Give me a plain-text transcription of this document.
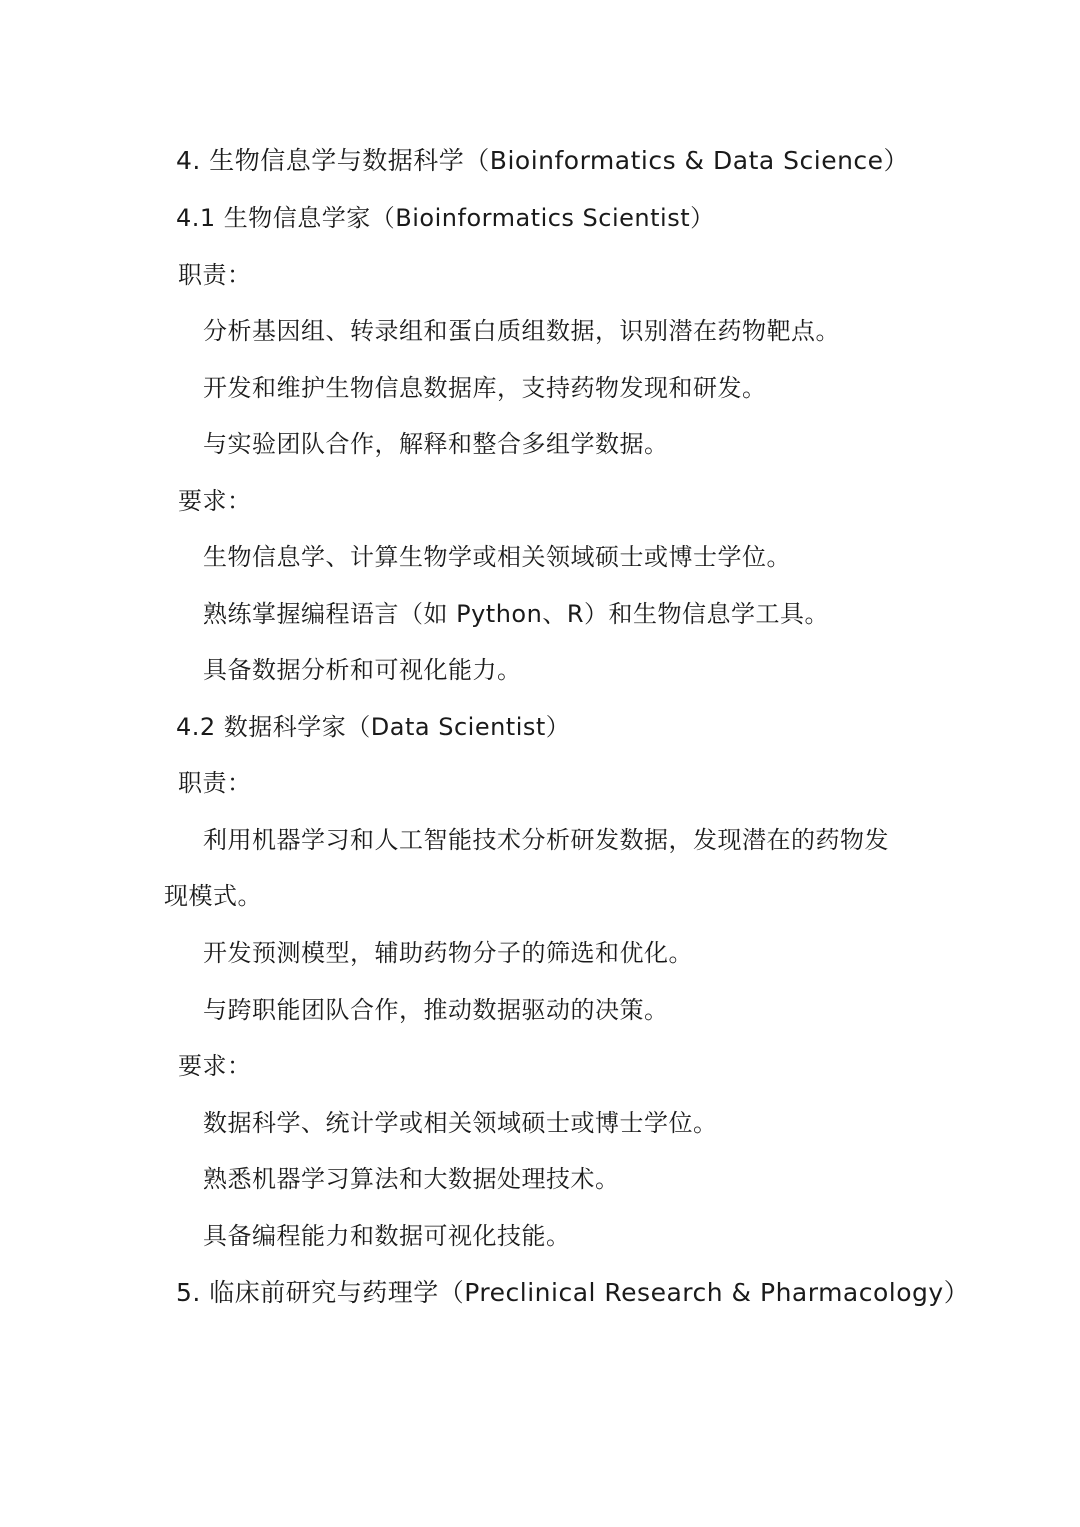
4. 生物信息学与数据科学（Bioinformatics & Data Science）
4.1 生物信息学家（Bioinformatics Scientist）
职责：
分析基因组、转录组和蛋白质组数据，识别潜在药物靶点。
开发和维护生物信息数据库，支持药物发现和研发。
与实验团队合作，解释和整合多组学数据。
要求：
生物信息学、计算生物学或相关领域硕士或博士学位。
熟练掌握编程语言（如 Python、R）和生物信息学工具。
具备数据分析和可视化能力。
4.2 数据科学家（Data Scientist）
职责：
利用机器学习和人工智能技术分析研发数据，发现潜在的药物发
现模式。
开发预测模型，辅助药物分子的筛选和优化。
与跨职能团队合作，推动数据驱动的决策。
要求：
数据科学、统计学或相关领域硕士或博士学位。
熟悉机器学习算法和大数据处理技术。
具备编程能力和数据可视化技能。
5. 临床前研究与药理学（Preclinical Research & Pharmacology）
